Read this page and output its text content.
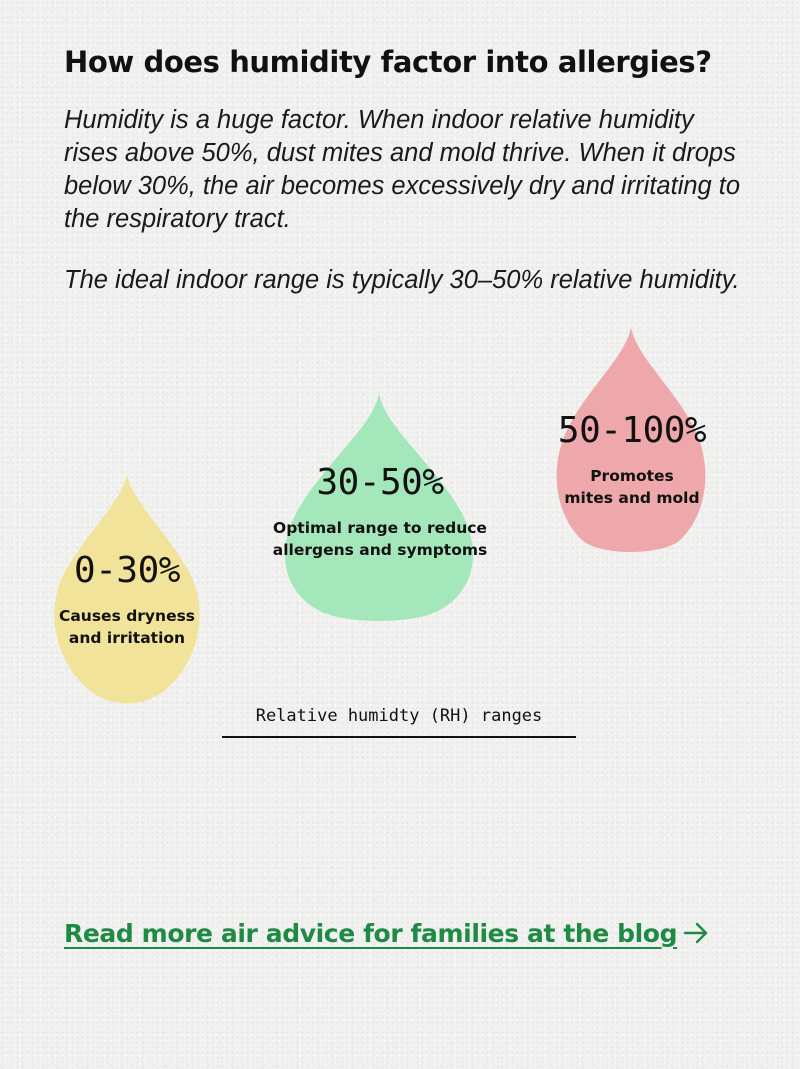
How does humidity factor into allergies?

Humidity is a huge factor. When indoor relative humidity rises above 50%, dust mites and mold thrive. When it drops below 30%, the air becomes excessively dry and irritating to the respiratory tract.

The ideal indoor range is typically 30–50% relative humidity.

0-30%
Causes dryness
and irritation
30-50%
Optimal range to reduce
allergens and symptoms
50-100%
Promotes
mites and mold
Relative humidty (RH) ranges
Read more air advice for families at the blog
